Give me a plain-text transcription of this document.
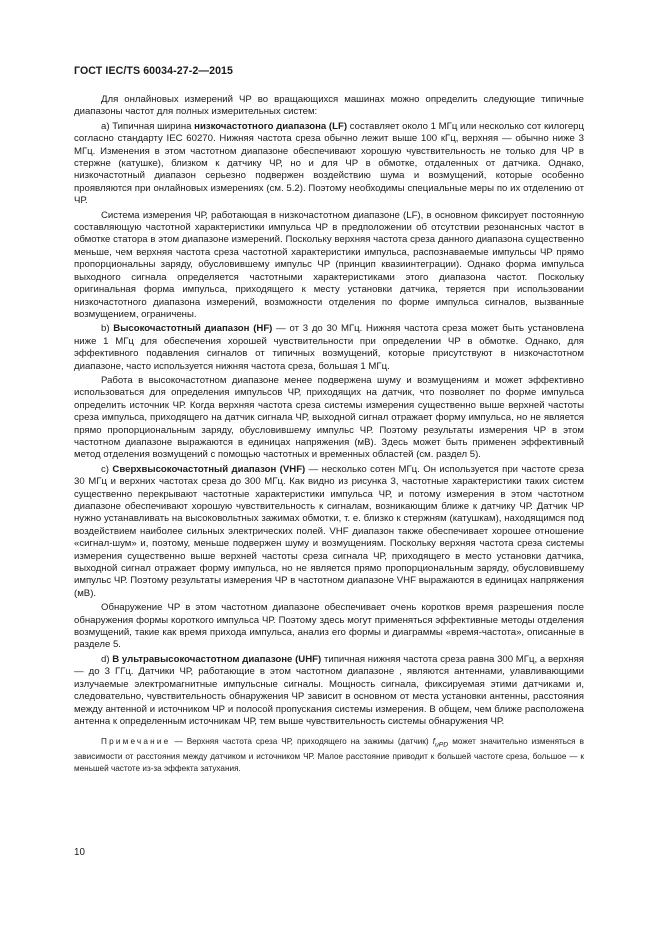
ГОСТ IEC/TS 60034-27-2—2015

Для онлайновых измерений ЧР во вращающихся машинах можно определить следующие типичные диапазоны частот для полных измерительных систем:

а) Типичная ширина низкочастотного диапазона (LF) составляет около 1 МГц или несколько сот килогерц согласно стандарту IEC 60270. Нижняя частота среза обычно лежит выше 100 кГц, верхняя — обычно ниже 3 МГц. Изменения в этом частотном диапазоне обеспечивают хорошую чувствительность не только для ЧР в стержне (катушке), близком к датчику ЧР, но и для ЧР в обмотке, отдаленных от датчика. Однако, низкочастотный диапазон серьезно подвержен воздействию шума и возмущений, которые особенно проявляются при онлайновых измерениях (см. 5.2). Поэтому необходимы специальные меры по их отделению от ЧР.

Система измерения ЧР, работающая в низкочастотном диапазоне (LF), в основном фиксирует постоянную составляющую частотной характеристики импульса ЧР в предположении об отсутствии резонансных частот в обмотке статора в этом диапазоне измерений. Поскольку верхняя частота среза данного диапазона существенно меньше, чем верхняя частота среза частотной характеристики импульса, распознаваемые импульсы ЧР прямо пропорциональны заряду, обусловившему импульс ЧР (принцип квазиинтеграции). Однако форма импульса выходного сигнала определяется частотными характеристиками этого диапазона частот. Поскольку оригинальная форма импульса, приходящего к месту установки датчика, теряется при использовании низкочастотного диапазона измерений, возможности отделения по форме импульса сигналов, вызванные возмущением, ограничены.

b) Высокочастотный диапазон (HF) — от 3 до 30 МГц. Нижняя частота среза может быть установлена ниже 1 МГц для обеспечения хорошей чувствительности при определении ЧР в обмотке. Однако, для эффективного подавления сигналов от типичных возмущений, которые присутствуют в низкочастотном диапазоне, часто используется нижняя частота среза, большая 1 МГц.

Работа в высокочастотном диапазоне менее подвержена шуму и возмущениям и может эффективно использоваться для определения импульсов ЧР, приходящих на датчик, что позволяет по форме импульса определить источник ЧР. Когда верхняя частота среза системы измерения существенно выше верхней частоты среза импульса, приходящего на датчик сигнала ЧР, выходной сигнал отражает форму импульса, но не является прямо пропорциональным заряду, обусловившему импульс ЧР. Поэтому результаты измерения ЧР в этом частотном диапазоне выражаются в единицах напряжения (мВ). Здесь может быть применен эффективный метод отделения возмущений с помощью частотных и временных областей (см. раздел 5).

c) Сверхвысокочастотный диапазон (VHF) — несколько сотен МГц. Он используется при частоте среза 30 МГц и верхних частотах среза до 300 МГц. Как видно из рисунка 3, частотные характеристики таких систем существенно перекрывают частотные характеристики импульса ЧР, и потому измерения в этом частотном диапазоне обеспечивают хорошую чувствительность к сигналам, возникающим ближе к датчику ЧР. Датчик ЧР нужно устанавливать на высоковольтных зажимах обмотки, т. е. близко к стержням (катушкам), находящимся под воздействием наиболее сильных электрических полей. VHF диапазон также обеспечивает хорошее отношение «сигнал-шум» и, поэтому, меньше подвержен шуму и возмущениям. Поскольку верхняя частота среза системы измерения существенно выше верхней частоты среза сигнала ЧР, приходящего в место установки датчика, выходной сигнал отражает форму импульса, но не является прямо пропорциональным заряду, обусловившему импульс ЧР. Поэтому результаты измерения ЧР в частотном диапазоне VHF выражаются в единицах напряжения (мВ).

Обнаружение ЧР в этом частотном диапазоне обеспечивает очень коротков время разрешения после обнаружения формы короткого импульса ЧР. Поэтому здесь могут применяться эффективные методы отделения возмущений, такие как время прихода импульса, анализ его формы и диаграммы «время-частота», описанные в разделе 5.

d) В ультравысокочастотном диапазоне (UHF) типичная нижняя частота среза равна 300 МГц, а верхняя — до 3 ГГц. Датчики ЧР, работающие в этом частотном диапазоне , являются антеннами, улавливающими излучаемые электромагнитные импульсные сигналы. Мощность сигнала, фиксируемая этими датчиками и, следовательно, чувствительность обнаружения ЧР зависит в основном от места установки антенны, расстояния между антенной и источником ЧР и полосой пропускания системы измерения. В общем, чем ближе расположена антенна к определенным источникам ЧР, тем выше чувствительность системы обнаружения ЧР.

Примечание — Верхняя частота среза ЧР, приходящего на зажимы (датчик) $f_{uPD}$ может значительно изменяться в зависимости от расстояния между датчиком и источником ЧР. Малое расстояние приводит к большей частоте среза, большое — к меньшей частоте из-за эффекта затухания.

10
